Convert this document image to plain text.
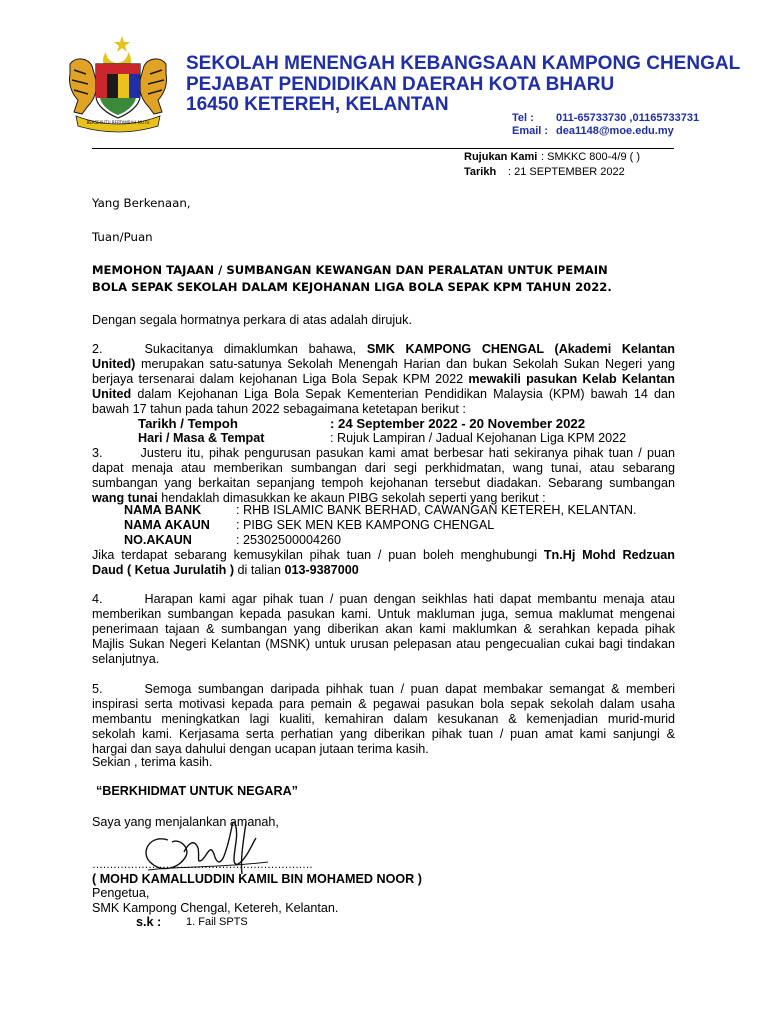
BERSEKUTU BERTAMBAH MUTU
SEKOLAH MENENGAH KEBANGSAAN KAMPONG CHENGAL
PEJABAT PENDIDIKAN DAERAH KOTA BHARU
16450 KETEREH, KELANTAN
Tel : 011-65733730 ,01165733731
Email : dea1148@moe.edu.my
Rujukan Kami : SMKKC 800-4/9 ( )
Tarikh : 21 SEPTEMBER 2022
Yang Berkenaan,
Tuan/Puan
MEMOHON TAJAAN / SUMBANGAN KEWANGAN DAN PERALATAN UNTUK PEMAIN
BOLA SEPAK SEKOLAH DALAM KEJOHANAN LIGA BOLA SEPAK KPM TAHUN 2022.
Dengan segala hormatnya perkara di atas adalah dirujuk.
2.	Sukacitanya dimaklumkan bahawa, SMK KAMPONG CHENGAL (Akademi Kelantan
United) merupakan satu-satunya Sekolah Menengah Harian dan bukan Sekolah Sukan Negeri yang
berjaya tersenarai dalam kejohanan Liga Bola Sepak KPM 2022 mewakili pasukan Kelab Kelantan
United dalam Kejohanan Liga Bola Sepak Kementerian Pendidikan Malaysia (KPM) bawah 14 dan
bawah 17 tahun pada tahun 2022 sebagaimana ketetapan berikut :
Tarikh / Tempoh	: 24 September 2022 - 20 November 2022
Hari / Masa & Tempat	: Rujuk Lampiran / Jadual Kejohanan Liga KPM 2022
3.	Justeru itu, pihak pengurusan pasukan kami amat berbesar hati sekiranya pihak tuan / puan
dapat menaja atau memberikan sumbangan dari segi perkhidmatan, wang tunai, atau sebarang
sumbangan yang berkaitan sepanjang tempoh kejohanan tersebut diadakan. Sebarang sumbangan
wang tunai hendaklah dimasukkan ke akaun PIBG sekolah seperti yang berikut :
NAMA BANK	: RHB ISLAMIC BANK BERHAD, CAWANGAN KETEREH, KELANTAN.
NAMA AKAUN : PIBG SEK MEN KEB KAMPONG CHENGAL
NO.AKAUN	: 25302500004260
Jika terdapat sebarang kemusykilan pihak tuan / puan boleh menghubungi Tn.Hj Mohd Redzuan
Daud ( Ketua Jurulatih ) di talian 013-9387000
4.	Harapan kami agar pihak tuan / puan dengan seikhlas hati dapat membantu menaja atau
memberikan sumbangan kepada pasukan kami. Untuk makluman juga, semua maklumat mengenai
penerimaan tajaan & sumbangan yang diberikan akan kami maklumkan & serahkan kepada pihak
Majlis Sukan Negeri Kelantan (MSNK) untuk urusan pelepasan atau pengecualian cukai bagi tindakan
selanjutnya.
5.	Semoga sumbangan daripada pihhak tuan / puan dapat membakar semangat & memberi
inspirasi serta motivasi kepada para pemain & pegawai pasukan bola sepak sekolah dalam usaha
membantu meningkatkan lagi kualiti, kemahiran dalam kesukanan & kemenjadian murid-murid
sekolah kami. Kerjasama serta perhatian yang diberikan pihak tuan / puan amat kami sanjungi &
hargai dan saya dahului dengan ucapan jutaan terima kasih.
Sekian , terima kasih.
“BERKHIDMAT UNTUK NEGARA”
Saya yang menjalankan amanah,
………………………………………………………
( MOHD KAMALLUDDIN KAMIL BIN MOHAMED NOOR )
Pengetua,
SMK Kampong Chengal, Ketereh, Kelantan.
s.k : 1. Fail SPTS
